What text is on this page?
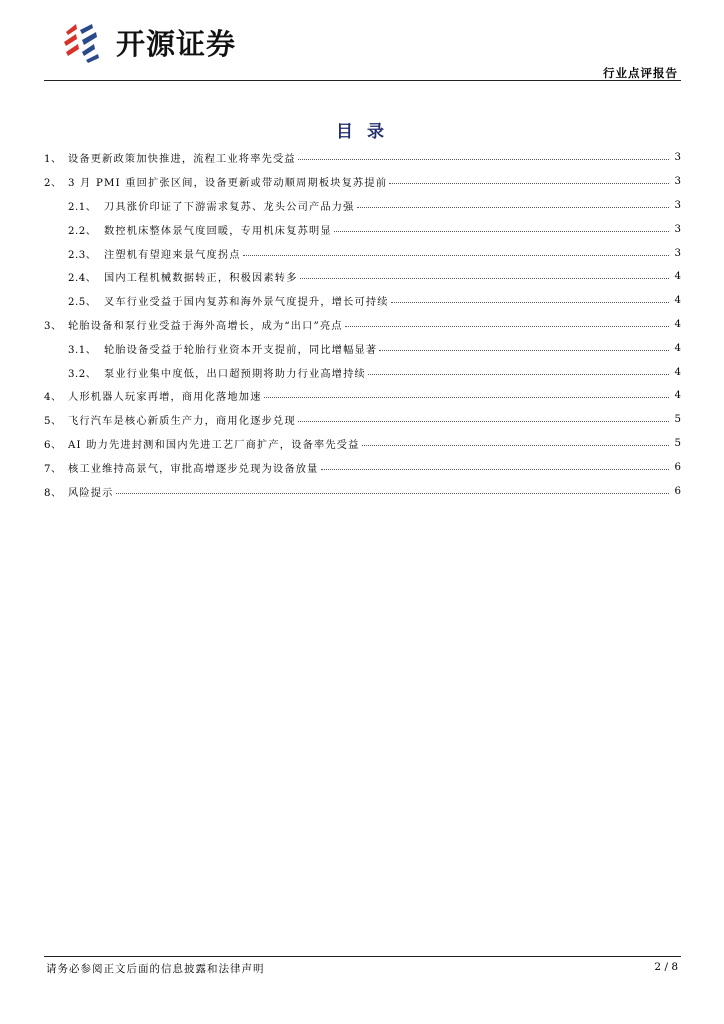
开源证券
行业点评报告
目 录
1、 设备更新政策加快推进，流程工业将率先受益	3
2、 3 月 PMI 重回扩张区间，设备更新或带动顺周期板块复苏提前	3
2.1、 刀具涨价印证了下游需求复苏、龙头公司产品力强	3
2.2、 数控机床整体景气度回暖，专用机床复苏明显	3
2.3、 注塑机有望迎来景气度拐点	3
2.4、 国内工程机械数据转正，积极因素转多	4
2.5、 叉车行业受益于国内复苏和海外景气度提升，增长可持续	4
3、 轮胎设备和泵行业受益于海外高增长，成为“出口”亮点	4
3.1、 轮胎设备受益于轮胎行业资本开支提前，同比增幅显著	4
3.2、 泵业行业集中度低，出口超预期将助力行业高增持续	4
4、 人形机器人玩家再增，商用化落地加速	4
5、 飞行汽车是核心新质生产力，商用化逐步兑现	5
6、 AI 助力先进封测和国内先进工艺厂商扩产，设备率先受益	5
7、 核工业维持高景气，审批高增逐步兑现为设备放量	6
8、 风险提示	6
请务必参阅正文后面的信息披露和法律声明	2 / 8
